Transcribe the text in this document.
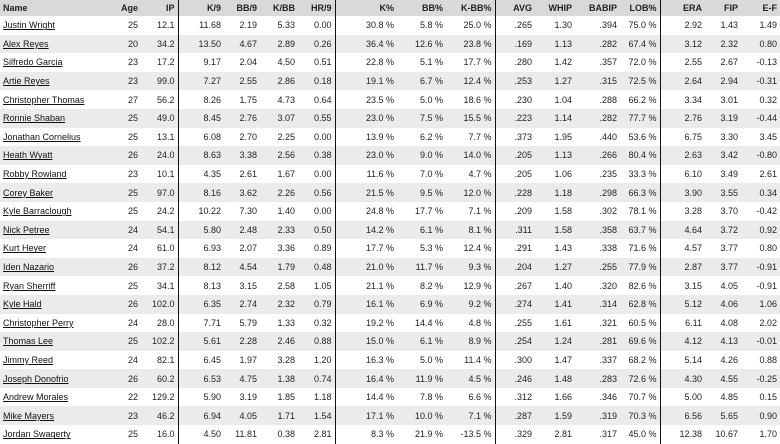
Name	Age	IP	K/9	BB/9	K/BB	HR/9	K%	BB%	K-BB%	AVG	WHIP	BABIP	LOB%	ERA	FIP	E-F
Justin Wright	25	12.1	11.68	2.19	5.33	0.00	30.8 %	5.8 %	25.0 %	.265	1.30	.394	75.0 %	2.92	1.43	1.49
Alex Reyes	20	34.2	13.50	4.67	2.89	0.26	36.4 %	12.6 %	23.8 %	.169	1.13	.282	67.4 %	3.12	2.32	0.80
Silfredo Garcia	23	17.2	9.17	2.04	4.50	0.51	22.8 %	5.1 %	17.7 %	.280	1.42	.357	72.0 %	2.55	2.67	-0.13
Artie Reyes	23	99.0	7.27	2.55	2.86	0.18	19.1 %	6.7 %	12.4 %	.253	1.27	.315	72.5 %	2.64	2.94	-0.31
Christopher Thomas	27	56.2	8.26	1.75	4.73	0.64	23.5 %	5.0 %	18.6 %	.230	1.04	.288	66.2 %	3.34	3.01	0.32
Ronnie Shaban	25	49.0	8.45	2.76	3.07	0.55	23.0 %	7.5 %	15.5 %	.223	1.14	.282	77.7 %	2.76	3.19	-0.44
Jonathan Cornelius	25	13.1	6.08	2.70	2.25	0.00	13.9 %	6.2 %	7.7 %	.373	1.95	.440	53.6 %	6.75	3.30	3.45
Heath Wyatt	26	24.0	8.63	3.38	2.56	0.38	23.0 %	9.0 %	14.0 %	.205	1.13	.266	80.4 %	2.63	3.42	-0.80
Robby Rowland	23	10.1	4.35	2.61	1.67	0.00	11.6 %	7.0 %	4.7 %	.205	1.06	.235	33.3 %	6.10	3.49	2.61
Corey Baker	25	97.0	8.16	3.62	2.26	0.56	21.5 %	9.5 %	12.0 %	.228	1.18	.298	66.3 %	3.90	3.55	0.34
Kyle Barraclough	25	24.2	10.22	7.30	1.40	0.00	24.8 %	17.7 %	7.1 %	.209	1.58	.302	78.1 %	3.28	3.70	-0.42
Nick Petree	24	54.1	5.80	2.48	2.33	0.50	14.2 %	6.1 %	8.1 %	.311	1.58	.358	63.7 %	4.64	3.72	0.92
Kurt Heyer	24	61.0	6.93	2.07	3.36	0.89	17.7 %	5.3 %	12.4 %	.291	1.43	.338	71.6 %	4.57	3.77	0.80
Iden Nazario	26	37.2	8.12	4.54	1.79	0.48	21.0 %	11.7 %	9.3 %	.204	1.27	.255	77.9 %	2.87	3.77	-0.91
Ryan Sherriff	25	34.1	8.13	3.15	2.58	1.05	21.1 %	8.2 %	12.9 %	.267	1.40	.320	82.6 %	3.15	4.05	-0.91
Kyle Hald	26	102.0	6.35	2.74	2.32	0.79	16.1 %	6.9 %	9.2 %	.274	1.41	.314	62.8 %	5.12	4.06	1.06
Christopher Perry	24	28.0	7.71	5.79	1.33	0.32	19.2 %	14.4 %	4.8 %	.255	1.61	.321	60.5 %	6.11	4.08	2.02
Thomas Lee	25	102.2	5.61	2.28	2.46	0.88	15.0 %	6.1 %	8.9 %	.254	1.24	.281	69.6 %	4.12	4.13	-0.01
Jimmy Reed	24	82.1	6.45	1.97	3.28	1.20	16.3 %	5.0 %	11.4 %	.300	1.47	.337	68.2 %	5.14	4.26	0.88
Joseph Donofrio	26	60.2	6.53	4.75	1.38	0.74	16.4 %	11.9 %	4.5 %	.246	1.48	.283	72.6 %	4.30	4.55	-0.25
Andrew Morales	22	129.2	5.90	3.19	1.85	1.18	14.4 %	7.8 %	6.6 %	.312	1.66	.346	70.7 %	5.00	4.85	0.15
Mike Mayers	23	46.2	6.94	4.05	1.71	1.54	17.1 %	10.0 %	7.1 %	.287	1.59	.319	70.3 %	6.56	5.65	0.90
Jordan Swagerty	25	16.0	4.50	11.81	0.38	2.81	8.3 %	21.9 %	-13.5 %	.329	2.81	.317	45.0 %	12.38	10.67	1.70
